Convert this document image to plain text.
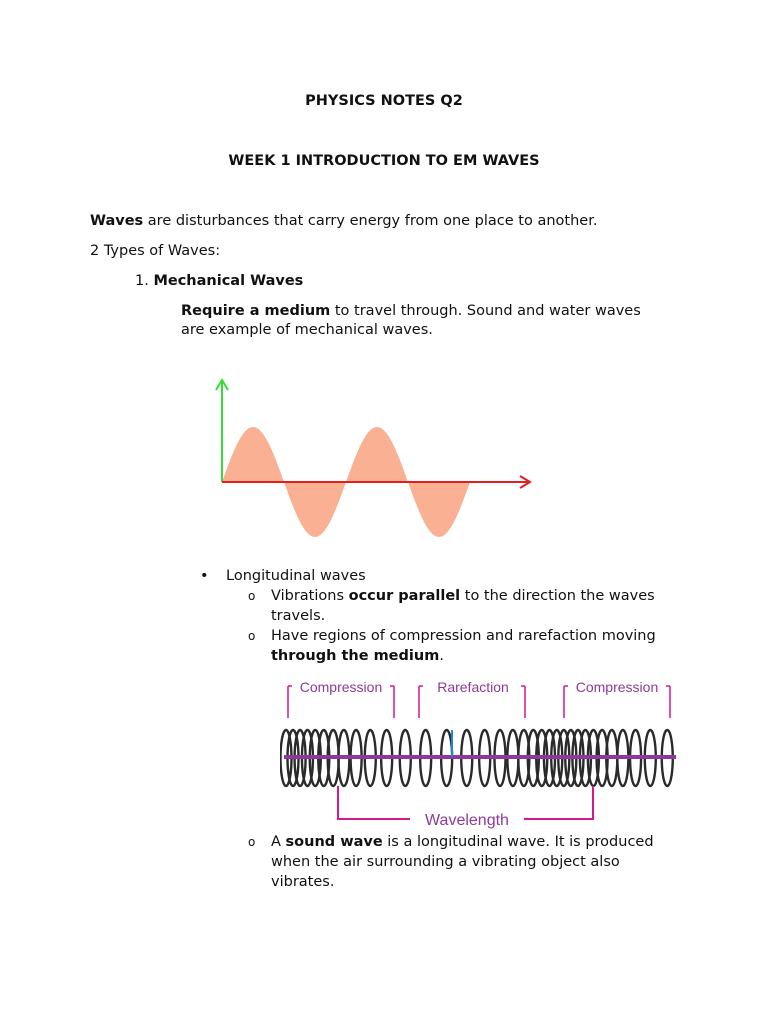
PHYSICS NOTES Q2
WEEK 1 INTRODUCTION TO EM WAVES
Waves are disturbances that carry energy from one place to another.
2 Types of Waves:
1. Mechanical Waves
Require a medium to travel through. Sound and water waves
are example of mechanical waves.
• Longitudinal waves
o Vibrations occur parallel to the direction the waves
travels.
o Have regions of compression and rarefaction moving
through the medium.
Compression	Rarefaction	Compression
Wavelength
o A sound wave is a longitudinal wave. It is produced
when the air surrounding a vibrating object also
vibrates.
